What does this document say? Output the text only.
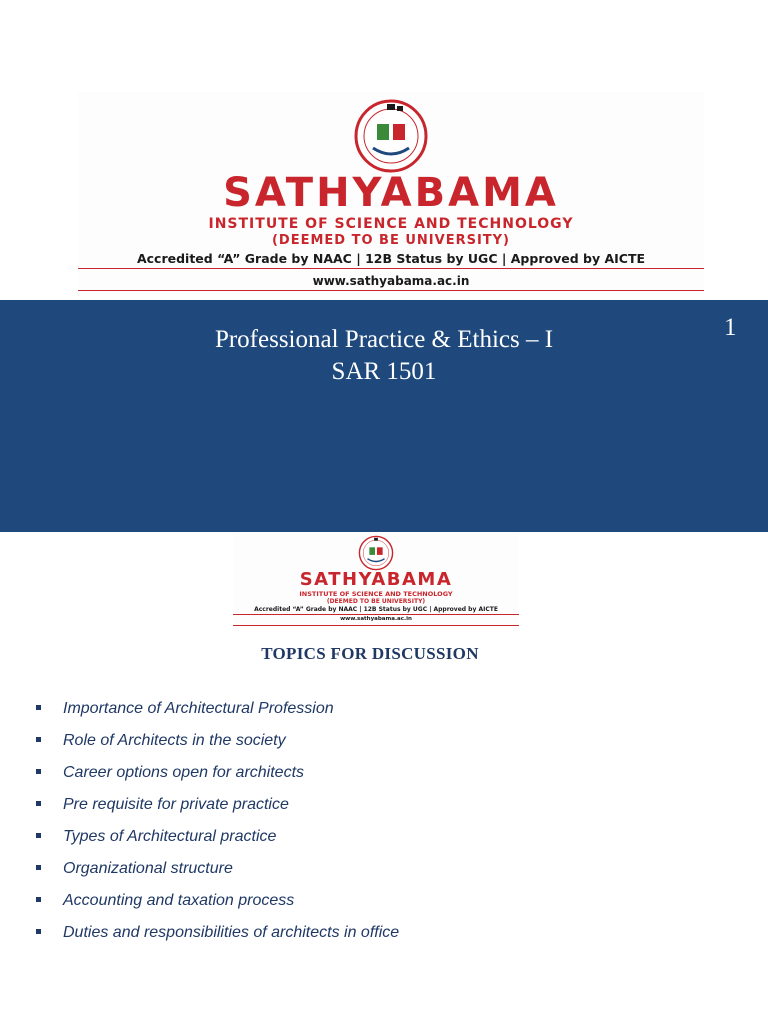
SATHYABAMA
INSTITUTE OF SCIENCE AND TECHNOLOGY
(DEEMED TO BE UNIVERSITY)
Accredited “A” Grade by NAAC | 12B Status by UGC | Approved by AICTE
www.sathyabama.ac.in
Professional Practice & Ethics – I
SAR 1501
1
SATHYABAMA
INSTITUTE OF SCIENCE AND TECHNOLOGY
(DEEMED TO BE UNIVERSITY)
Accredited “A” Grade by NAAC | 12B Status by UGC | Approved by AICTE
www.sathyabama.ac.in
TOPICS FOR DISCUSSION
Importance of Architectural Profession
Role of Architects in the society
Career options open for architects
Pre requisite for private practice
Types of Architectural practice
Organizational structure
Accounting and taxation process
Duties and responsibilities of architects in office
